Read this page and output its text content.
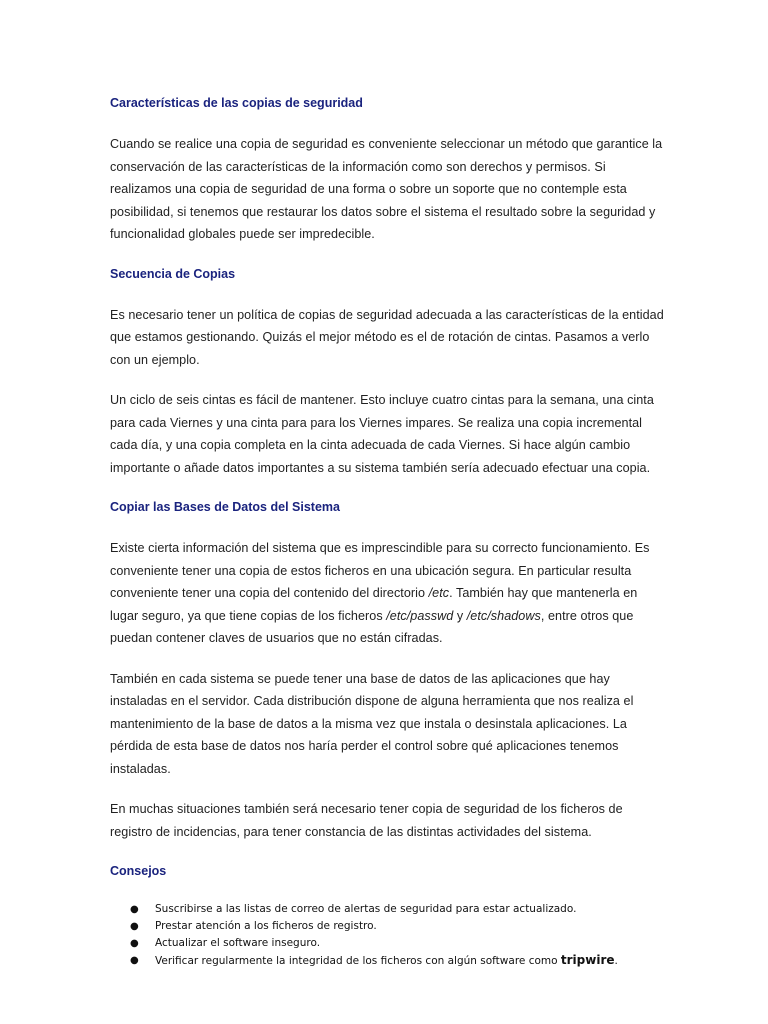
Características de las copias de seguridad

Cuando se realice una copia de seguridad es conveniente seleccionar un método que garantice la conservación de las características de la información como son derechos y permisos. Si realizamos una copia de seguridad de una forma o sobre un soporte que no contemple esta posibilidad, si tenemos que restaurar los datos sobre el sistema el resultado sobre la seguridad y funcionalidad globales puede ser impredecible.

Secuencia de Copias

Es necesario tener un política de copias de seguridad adecuada a las características de la entidad que estamos gestionando. Quizás el mejor método es el de rotación de cintas. Pasamos a verlo con un ejemplo.

Un ciclo de seis cintas es fácil de mantener. Esto incluye cuatro cintas para la semana, una cinta para cada Viernes y una cinta para para los Viernes impares. Se realiza una copia incremental cada día, y una copia completa en la cinta adecuada de cada Viernes. Si hace algún cambio importante o añade datos importantes a su sistema también sería adecuado efectuar una copia.

Copiar las Bases de Datos del Sistema

Existe cierta información del sistema que es imprescindible para su correcto funcionamiento. Es conveniente tener una copia de estos ficheros en una ubicación segura. En particular resulta conveniente tener una copia del contenido del directorio /etc. También hay que mantenerla en lugar seguro, ya que tiene copias de los ficheros /etc/passwd y /etc/shadows, entre otros que puedan contener claves de usuarios que no están cifradas.

También en cada sistema se puede tener una base de datos de las aplicaciones que hay instaladas en el servidor. Cada distribución dispone de alguna herramienta que nos realiza el mantenimiento de la base de datos a la misma vez que instala o desinstala aplicaciones. La pérdida de esta base de datos nos haría perder el control sobre qué aplicaciones tenemos instaladas.

En muchas situaciones también será necesario tener copia de seguridad de los ficheros de registro de incidencias, para tener constancia de las distintas actividades del sistema.

Consejos
● Suscribirse a las listas de correo de alertas de seguridad para estar actualizado.
● Prestar atención a los ficheros de registro.
● Actualizar el software inseguro.
● Verificar regularmente la integridad de los ficheros con algún software como tripwire.
